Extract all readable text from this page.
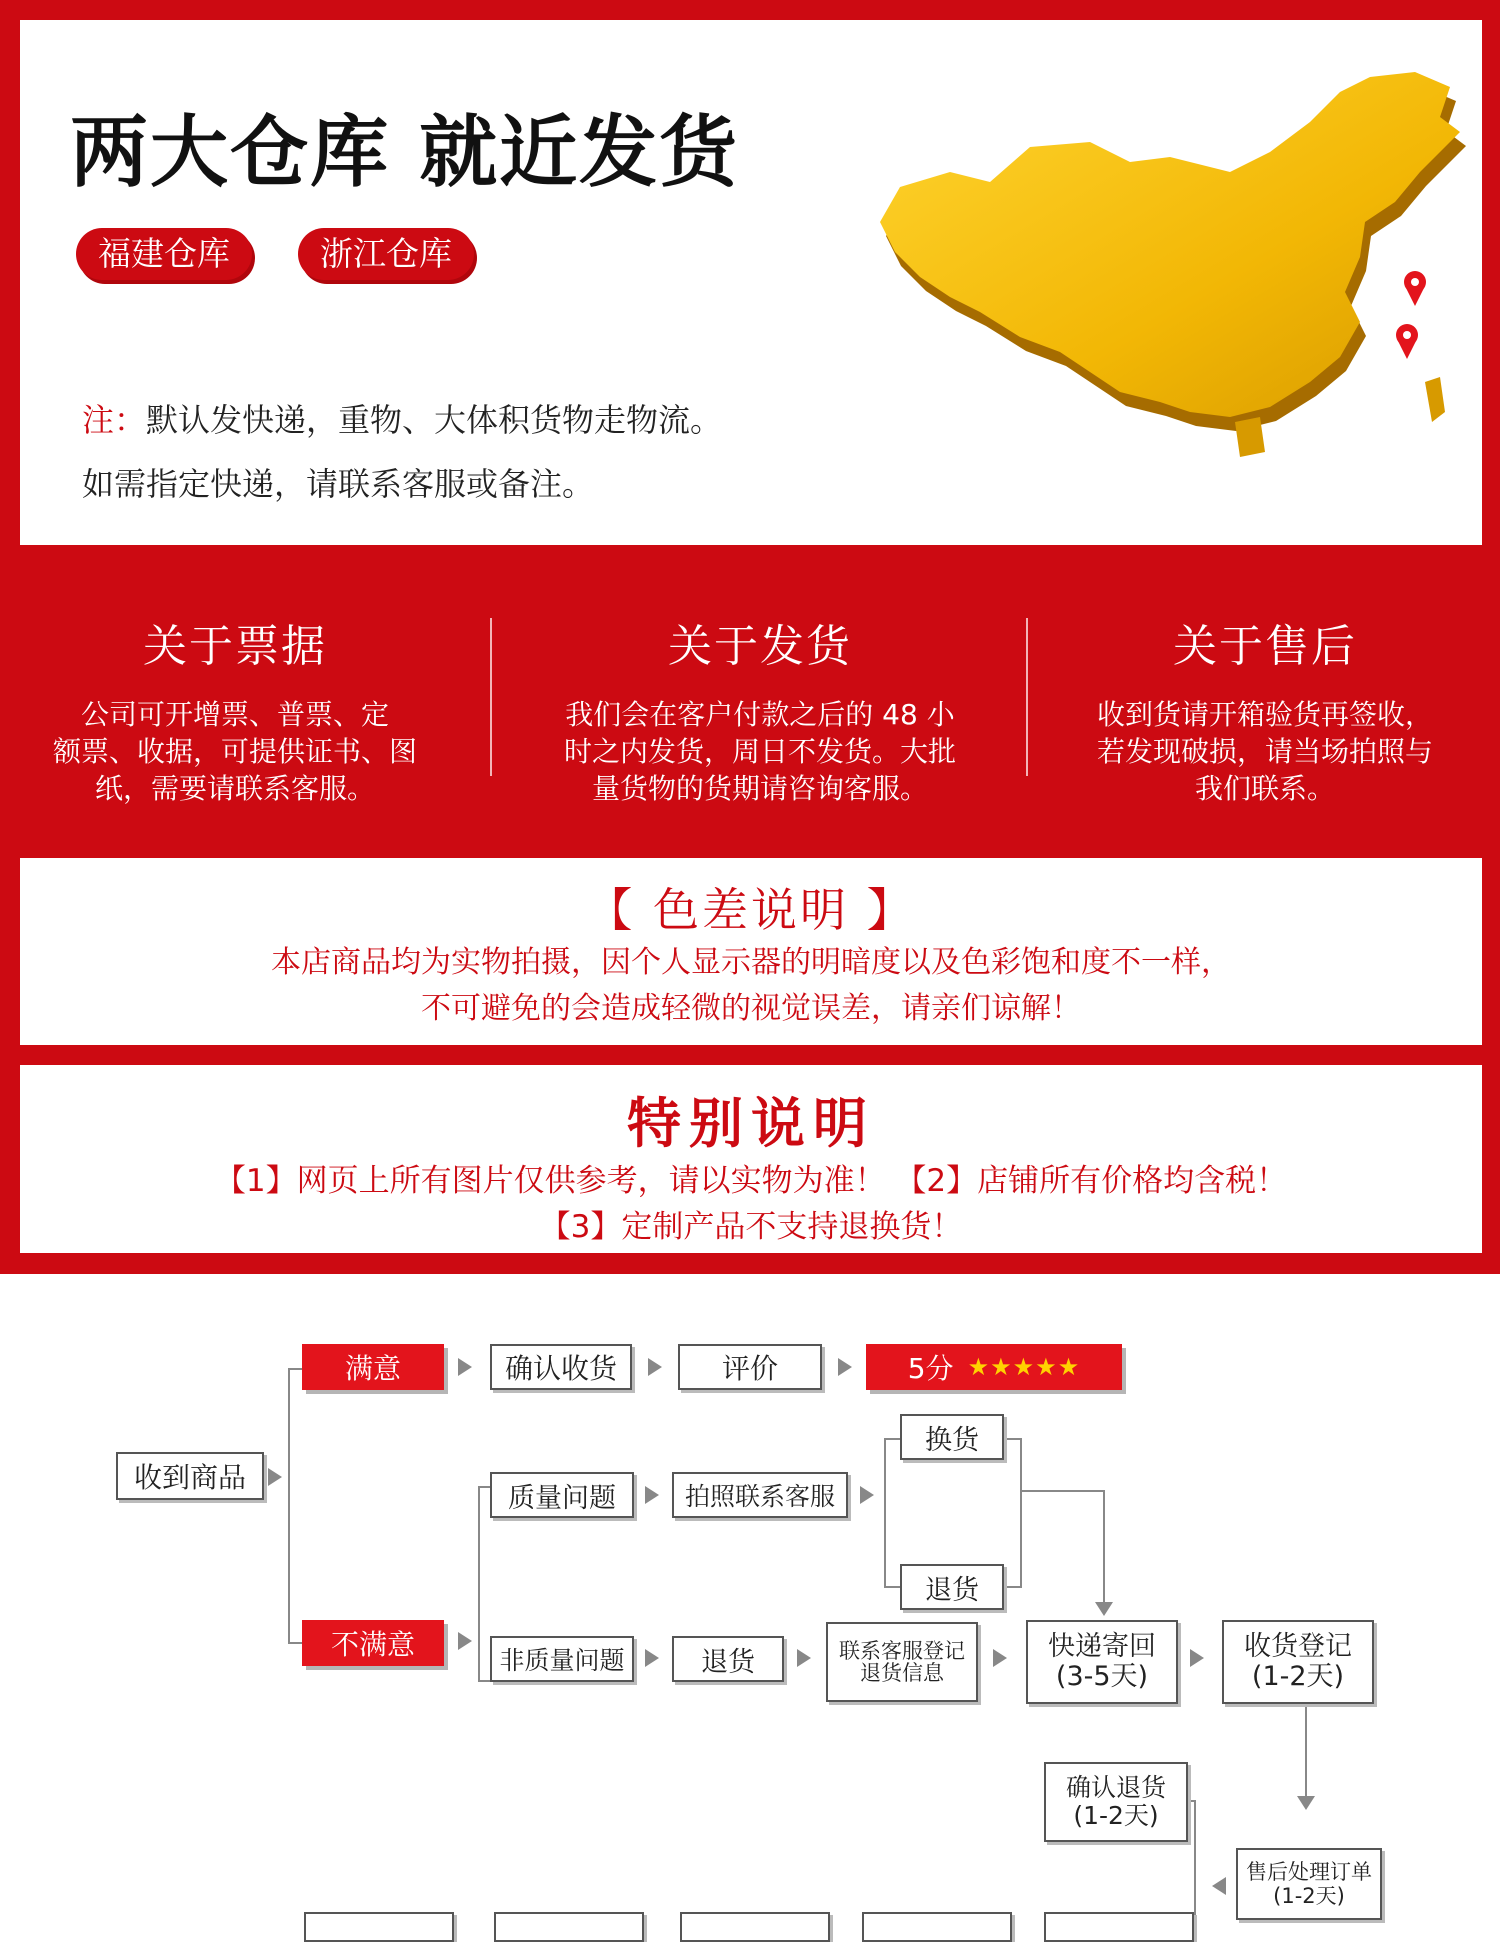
两大仓库 就近发货
福建仓库	浙江仓库
注：默认发快递，重物、大体积货物走物流。
如需指定快递，请联系客服或备注。
关于票据

公司可开增票、普票、定
额票、收据，可提供证书、图
纸，需要请联系客服。

关于发货

我们会在客户付款之后的 48 小
时之内发货，周日不发货。大批
量货物的货期请咨询客服。

关于售后

收到货请开箱验货再签收，
若发现破损，请当场拍照与
我们联系。

【 色差说明 】
本店商品均为实物拍摄，因个人显示器的明暗度以及色彩饱和度不一样，
不可避免的会造成轻微的视觉误差，请亲们谅解！
特别说明
【1】网页上所有图片仅供参考，请以实物为准！ 【2】店铺所有价格均含税！
【3】定制产品不支持退换货！
收到商品
满意	确认收货	评价	5分 ★★★★★
不满意
质量问题	拍照联系客服
换货
退货
非质量问题	退货	联系客服登记
退货信息
快递寄回
(3-5天)
收货登记
(1-2天)
确认退货
(1-2天)
售后处理订单
(1-2天)
